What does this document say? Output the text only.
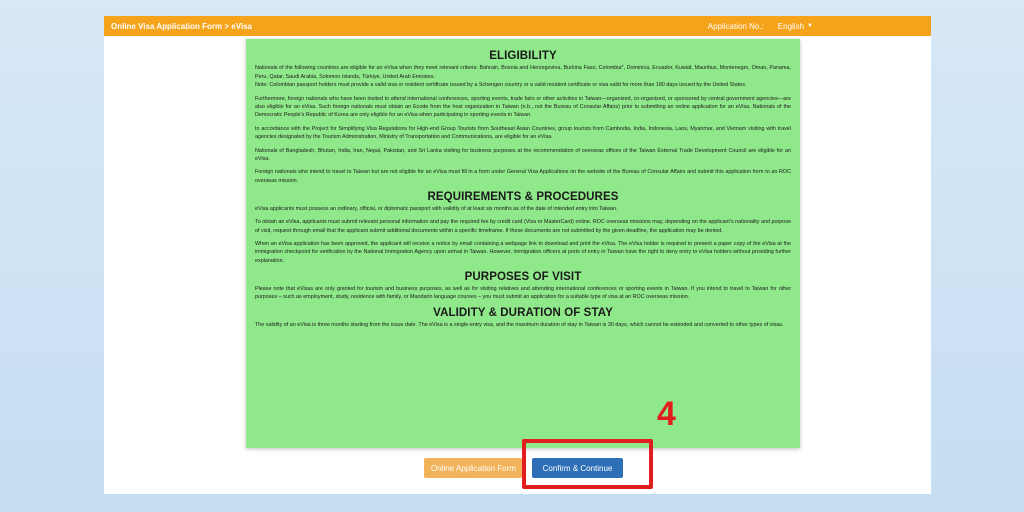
Online Visa Application Form > eVisa	Application No.: English ▼
ELIGIBILITY

Nationals of the following countries are eligible for an eVisa when they meet relevant criteria: Bahrain, Bosnia and Herzegovina, Burkina Faso, Colombia*, Dominica, Ecuador, Kuwait, Mauritius, Montenegro, Oman, Panama, Peru, Qatar, Saudi Arabia, Solomon Islands, Türkiye, United Arab Emirates.

Note: Colombian passport holders must provide a valid visa or resident certificate issued by a Schengen country or a valid resident certificate or visa valid for more than 180 days issued by the United States.

Furthermore, foreign nationals who have been invited to attend international conferences, sporting events, trade fairs or other activities in Taiwan—organized, co-organized, or sponsored by central government agencies—are also eligible for an eVisa. Such foreign nationals must obtain an Ecode from the host organization in Taiwan (n.b., not the Bureau of Consular Affairs) prior to submitting an online application for an eVisa. Nationals of the Democratic People's Republic of Korea are only eligible for an eVisa when participating in sporting events in Taiwan.

In accordance with the Project for Simplifying Visa Regulations for High-end Group Tourists from Southeast Asian Countries, group tourists from Cambodia, India, Indonesia, Laos, Myanmar, and Vietnam visiting with travel agencies designated by the Tourism Administration, Ministry of Transportation and Communications, are eligible for an eVisa.

Nationals of Bangladesh, Bhutan, India, Iran, Nepal, Pakistan, and Sri Lanka visiting for business purposes at the recommendation of overseas offices of the Taiwan External Trade Development Council are eligible for an eVisa.

Foreign nationals who intend to travel to Taiwan but are not eligible for an eVisa must fill in a form under General Visa Applications on the website of the Bureau of Consular Affairs and submit this application form to an ROC overseas mission.

REQUIREMENTS & PROCEDURES

eVisa applicants must possess an ordinary, official, or diplomatic passport with validity of at least six months as of the date of intended entry into Taiwan.

To obtain an eVisa, applicants must submit relevant personal information and pay the required fee by credit card (Visa or MasterCard) online. ROC overseas missions may, depending on the applicant's nationality and purpose of visit, request through email that the applicant submit additional documents within a specific timeframe. If these documents are not submitted by the given deadline, the application may be denied.

When an eVisa application has been approved, the applicant will receive a notice by email containing a webpage link to download and print the eVisa. The eVisa holder is required to present a paper copy of the eVisa at the immigration checkpoint for verification by the National Immigration Agency upon arrival in Taiwan. However, immigration officers at ports of entry in Taiwan have the right to deny entry to eVisa holders without providing further explanation.

PURPOSES OF VISIT

Please note that eVisas are only granted for tourism and business purposes, as well as for visiting relatives and attending international conferences or sporting events in Taiwan. If you intend to travel to Taiwan for other purposes – such as employment, study, residence with family, or Mandarin language courses – you must submit an application for a suitable type of visa at an ROC overseas mission.

VALIDITY & DURATION OF STAY

The validity of an eVisa is three months starting from the issue date. The eVisa is a single-entry visa, and the maximum duration of stay in Taiwan is 30 days, which cannot be extended and converted to other types of visas.

Online Application Form	Confirm & Continue
4
